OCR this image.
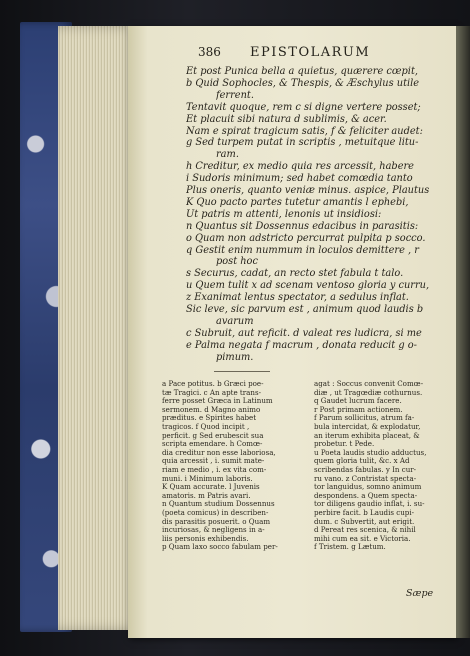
386 EPISTOLARUM
Et post Punica bella a quietus, quærere cœpit,
b Quid Sophocles, & Thespis, & Æschylus utile
ferrent.
Tentavit quoque, rem c si digne vertere posset;
Et placuit sibi natura d sublimis, & acer.
Nam e spirat tragicum satis, f & feliciter audet:
g Sed turpem putat in scriptis , metuitque litu-
ram.
h Creditur, ex medio quia res arcessit, habere
i Sudoris minimum; sed habet comœdia tanto
Plus oneris, quanto veniæ minus. aspice, Plautus
K Quo pacto partes tutetur amantis l ephebi,
Ut patris m attenti, lenonis ut insidiosi:
n Quantus sit Dossennus edacibus in parasitis:
o Quam non adstricto percurrat pulpita p socco.
q Gestit enim nummum in loculos demittere , r
post hoc
s Securus, cadat, an recto stet fabula t talo.
u Quem tulit x ad scenam ventoso gloria y curru,
z Exanimat lentus spectator, a sedulus inflat.
Sic leve, sic parvum est , animum quod laudis b
avarum
c Subruit, aut reficit. d valeat res ludicra, si me
e Palma negata f macrum , donata reducit g o-
pimum.
a Pace potitus. b Græci poe-
tæ Tragici. c An apte trans-
ferre posset Græca in Latinum
sermonem. d Magno animo
præditus. e Spirites habet
tragicos. f Quod incipit ,
perficit. g Sed erubescit sua
scripta emendare. h Comœ-
dia creditur non esse laboriosa,
quia arcessit , i. sumit mate-
riam e medio , i. ex vita com-
muni. i Minimum laboris.
K Quam accurate. l Juvenis
amatoris. m Patris avari.
n Quantum studium Dossennus
(poeta comicus) in describen-
dis parasitis posuerit. o Quam
incuriosas, & negligens in a-
liis personis exhibendis.
p Quam laxo socco fabulam per-
agat : Soccus convenit Comœ-
diæ , ut Tragœdiæ cothurnus.
q Gaudet lucrum facere.
r Post primam actionem.
f Parum sollicitus, atrum fa-
bula intercidat, & explodatur,
an iterum exhibita placeat, &
probetur. t Pede.
u Poeta laudis studio adductus,
quem gloria tulit, &c. x Ad
scribendas fabulas. y In cur-
ru vano. z Contristat specta-
tor languidus, somno animum
despondens. a Quem specta-
tor diligens gaudio inflat, i. su-
perbire facit. b Laudis cupi-
dum. c Subvertit, aut erigit.
d Pereat res scenica, & nihil
mihi cum ea sit. e Victoria.
f Tristem. g Lætum.
Sæpe
